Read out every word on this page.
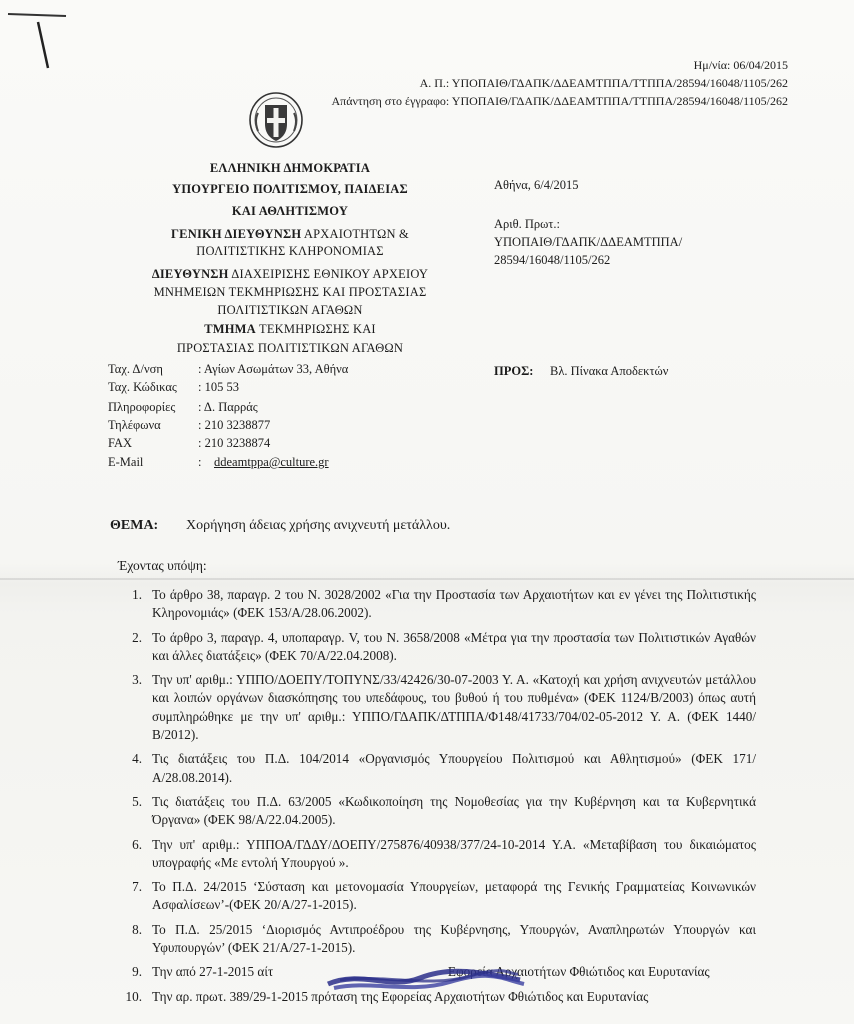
Ημ/νία: 06/04/2015
Α. Π.: ΥΠΟΠΑΙΘ/ΓΔΑΠΚ/ΔΔΕΑΜΤΠΠΑ/ΤΤΠΠΑ/28594/16048/1105/262
Απάντηση στο έγγραφο: ΥΠΟΠΑΙΘ/ΓΔΑΠΚ/ΔΔΕΑΜΤΠΠΑ/ΤΤΠΠΑ/28594/16048/1105/262
ΕΛΛΗΝΙΚΗ ΔΗΜΟΚΡΑΤΙΑ
ΥΠΟΥΡΓΕΙΟ ΠΟΛΙΤΙΣΜΟΥ, ΠΑΙΔΕΙΑΣ
ΚΑΙ ΑΘΛΗΤΙΣΜΟΥ
ΓΕΝΙΚΗ ΔΙΕΥΘΥΝΣΗ ΑΡΧΑΙΟΤΗΤΩΝ &
ΠΟΛΙΤΙΣΤΙΚΗΣ ΚΛΗΡΟΝΟΜΙΑΣ
ΔΙΕΥΘΥΝΣΗ ΔΙΑΧΕΙΡΙΣΗΣ ΕΘΝΙΚΟΥ ΑΡΧΕΙΟΥ
ΜΝΗΜΕΙΩΝ ΤΕΚΜΗΡΙΩΣΗΣ ΚΑΙ ΠΡΟΣΤΑΣΙΑΣ
ΠΟΛΙΤΙΣΤΙΚΩΝ ΑΓΑΘΩΝ
ΤΜΗΜΑ ΤΕΚΜΗΡΙΩΣΗΣ ΚΑΙ
ΠΡΟΣΤΑΣΙΑΣ ΠΟΛΙΤΙΣΤΙΚΩΝ ΑΓΑΘΩΝ
Αθήνα, 6/4/2015
Αριθ. Πρωτ.:
ΥΠΟΠΑΙΘ/ΓΔΑΠΚ/ΔΔΕΑΜΤΠΠΑ/
28594/16048/1105/262
ΠΡΟΣ: Βλ. Πίνακα Αποδεκτών
Ταχ. Δ/νση	: Αγίων Ασωμάτων 33, Αθήνα
Ταχ. Κώδικας : 105 53
Πληροφορίες : Δ. Παρράς
Τηλέφωνα	: 210 3238877
FAX	: 210 3238874
E-Mail	: ddeamtppa@culture.gr
ΘΕΜΑ: Χορήγηση άδειας χρήσης ανιχνευτή μετάλλου.
Έχοντας υπόψη:
1. Το άρθρο 38, παραγρ. 2 του Ν. 3028/2002 «Για την Προστασία των Αρχαιοτήτων και εν γένει της Πολιτιστικής Κληρονομιάς» (ΦΕΚ 153/Α/28.06.2002).
2. Το άρθρο 3, παραγρ. 4, υποπαραγρ. V, του Ν. 3658/2008 «Μέτρα για την προστασία των Πολιτιστικών Αγαθών και άλλες διατάξεις» (ΦΕΚ 70/Α/22.04.2008).
3. Την υπ' αριθμ.: ΥΠΠΟ/ΔΟΕΠΥ/ΤΟΠΥΝΣ/33/42426/30-07-2003 Υ. Α. «Κατοχή και χρήση ανιχνευτών μετάλλου και λοιπών οργάνων διασκόπησης του υπεδάφους, του βυθού ή του πυθμένα» (ΦΕΚ 1124/Β/2003) όπως αυτή συμπληρώθηκε με την υπ' αριθμ.: ΥΠΠΟ/ΓΔΑΠΚ/ΔΤΠΠΑ/Φ148/41733/704/02-05-2012 Υ. Α. (ΦΕΚ 1440/Β/2012).
4. Τις διατάξεις του Π.Δ. 104/2014 «Οργανισμός Υπουργείου Πολιτισμού και Αθλητισμού» (ΦΕΚ 171/Α/28.08.2014).
5. Τις διατάξεις του Π.Δ. 63/2005 «Κωδικοποίηση της Νομοθεσίας για την Κυβέρνηση και τα Κυβερνητικά Όργανα» (ΦΕΚ 98/Α/22.04.2005).
6. Την υπ' αριθμ.: ΥΠΠΟΑ/ΓΔΔΥ/ΔΟΕΠΥ/275876/40938/377/24-10-2014 Υ.Α. «Μεταβίβαση του δικαιώματος υπογραφής «Με εντολή Υπουργού ».
7. Το Π.Δ. 24/2015 ‘Σύσταση και μετονομασία Υπουργείων, μεταφορά της Γενικής Γραμματείας Κοινωνικών Ασφαλίσεων’-(ΦΕΚ 20/Α/27-1-2015).
8. Το Π.Δ. 25/2015 ‘Διορισμός Αντιπροέδρου της Κυβέρνησης, Υπουργών, Αναπληρωτών Υπουργών και Υφυπουργών’ (ΦΕΚ 21/Α/27-1-2015).
9. Την από 27-1-2015 αίτ                                                     Εφορεία Αρχαιοτήτων Φθιώτιδος και Ευρυτανίας
10. Την αρ. πρωτ. 389/29-1-2015 πρόταση της Εφορείας Αρχαιοτήτων Φθιώτιδος και Ευρυτανίας
